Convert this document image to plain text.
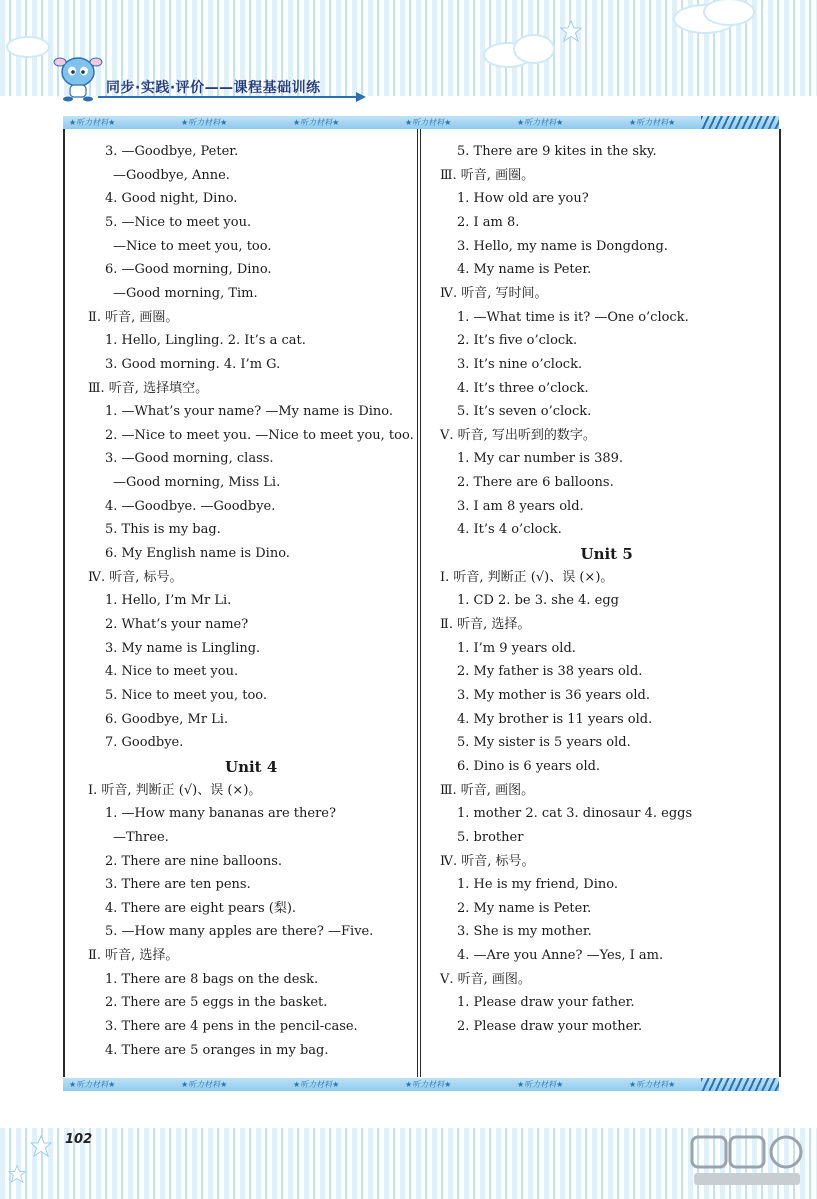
同步·实践·评价——课程基础训练
★听力材料★	★听力材料★	★听力材料★	★听力材料★	★听力材料★	★听力材料★
3. —Goodbye, Peter.
—Goodbye, Anne.
4. Good night, Dino.
5. —Nice to meet you.
—Nice to meet you, too.
6. —Good morning, Dino.
—Good morning, Tim.
Ⅱ. 听音, 画圈。
1. Hello, Lingling. 2. It’s a cat.
3. Good morning. 4. I’m G.
Ⅲ. 听音, 选择填空。
1. —What’s your name? —My name is Dino.
2. —Nice to meet you. —Nice to meet you, too.
3. —Good morning, class.
—Good morning, Miss Li.
4. —Goodbye. —Goodbye.
5. This is my bag.
6. My English name is Dino.
Ⅳ. 听音, 标号。
1. Hello, I’m Mr Li.
2. What’s your name?
3. My name is Lingling.
4. Nice to meet you.
5. Nice to meet you, too.
6. Goodbye, Mr Li.
7. Goodbye.
Unit 4
Ⅰ. 听音, 判断正 (√)、误 (×)。
1. —How many bananas are there?
—Three.
2. There are nine balloons.
3. There are ten pens.
4. There are eight pears (梨).
5. —How many apples are there? —Five.
Ⅱ. 听音, 选择。
1. There are 8 bags on the desk.
2. There are 5 eggs in the basket.
3. There are 4 pens in the pencil-case.
4. There are 5 oranges in my bag.
5. There are 9 kites in the sky.
Ⅲ. 听音, 画圈。
1. How old are you?
2. I am 8.
3. Hello, my name is Dongdong.
4. My name is Peter.
Ⅳ. 听音, 写时间。
1. —What time is it? —One o’clock.
2. It’s five o’clock.
3. It’s nine o’clock.
4. It’s three o’clock.
5. It’s seven o’clock.
Ⅴ. 听音, 写出听到的数字。
1. My car number is 389.
2. There are 6 balloons.
3. I am 8 years old.
4. It’s 4 o’clock.
Unit 5
Ⅰ. 听音, 判断正 (√)、误 (×)。
1. CD 2. be 3. she 4. egg
Ⅱ. 听音, 选择。
1. I’m 9 years old.
2. My father is 38 years old.
3. My mother is 36 years old.
4. My brother is 11 years old.
5. My sister is 5 years old.
6. Dino is 6 years old.
Ⅲ. 听音, 画图。
1. mother 2. cat 3. dinosaur 4. eggs
5. brother
Ⅳ. 听音, 标号。
1. He is my friend, Dino.
2. My name is Peter.
3. She is my mother.
4. —Are you Anne? —Yes, I am.
Ⅴ. 听音, 画图。
1. Please draw your father.
2. Please draw your mother.
★听力材料★	★听力材料★	★听力材料★	★听力材料★	★听力材料★	★听力材料★
102
